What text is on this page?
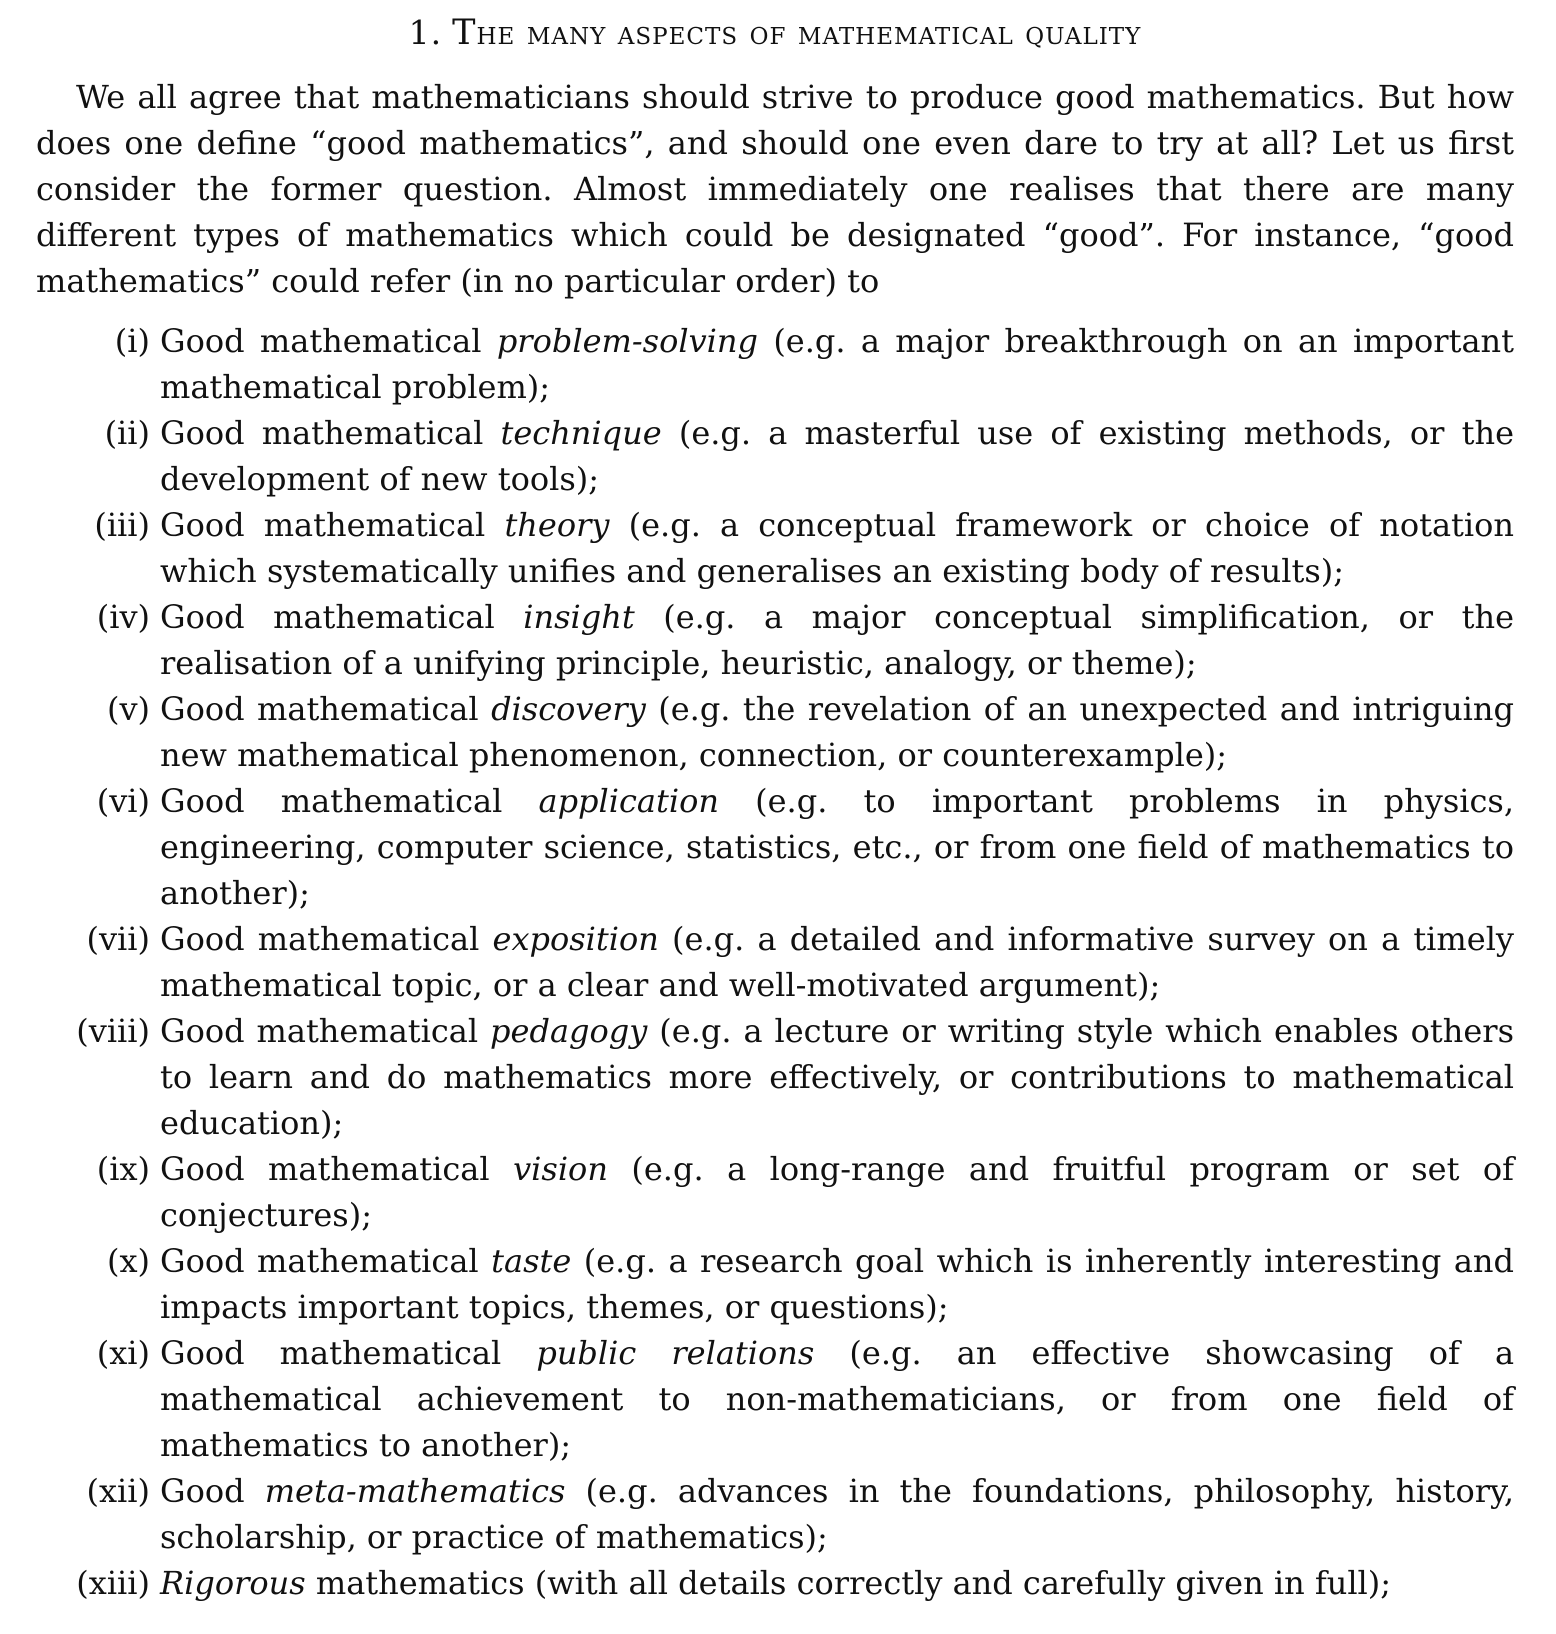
1. The many aspects of mathematical quality

We all agree that mathematicians should strive to produce good mathematics. But how does one define “good mathematics”, and should one even dare to try at all? Let us first consider the former question. Almost immediately one realises that there are many different types of mathematics which could be designated “good”. For instance, “good mathematics” could refer (in no particular order) to

(i) Good mathematical problem-solving (e.g. a major breakthrough on an important mathematical problem);
(ii) Good mathematical technique (e.g. a masterful use of existing methods, or the development of new tools);
(iii) Good mathematical theory (e.g. a conceptual framework or choice of notation which systematically unifies and generalises an existing body of results);
(iv) Good mathematical insight (e.g. a major conceptual simplification, or the realisation of a unifying principle, heuristic, analogy, or theme);
(v) Good mathematical discovery (e.g. the revelation of an unexpected and intriguing new mathematical phenomenon, connection, or counterexample);
(vi) Good mathematical application (e.g. to important problems in physics, engineering, computer science, statistics, etc., or from one field of mathematics to another);
(vii) Good mathematical exposition (e.g. a detailed and informative survey on a timely mathematical topic, or a clear and well-motivated argument);
(viii) Good mathematical pedagogy (e.g. a lecture or writing style which enables others to learn and do mathematics more effectively, or contributions to mathematical education);
(ix) Good mathematical vision (e.g. a long-range and fruitful program or set of conjectures);
(x) Good mathematical taste (e.g. a research goal which is inherently interesting and impacts important topics, themes, or questions);
(xi) Good mathematical public relations (e.g. an effective showcasing of a mathematical achievement to non-mathematicians, or from one field of mathematics to another);
(xii) Good meta-mathematics (e.g. advances in the foundations, philosophy, history, scholarship, or practice of mathematics);
(xiii) Rigorous mathematics (with all details correctly and carefully given in full);
